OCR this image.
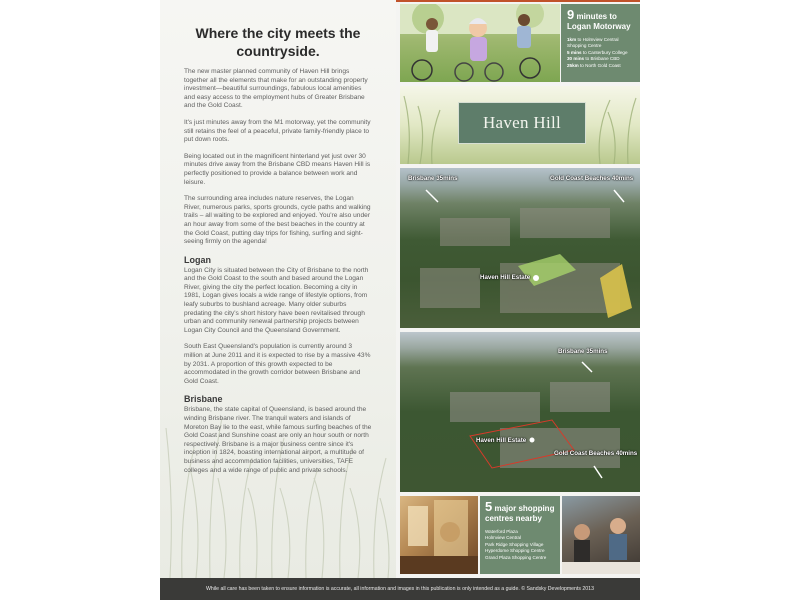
Where the city meets the countryside.

The new master planned community of Haven Hill brings together all the elements that make for an outstanding property investment—beautiful surroundings, fabulous local amenities and easy access to the employment hubs of Greater Brisbane and the Gold Coast.

It's just minutes away from the M1 motorway, yet the community still retains the feel of a peaceful, private family-friendly place to put down roots.

Being located out in the magnificent hinterland yet just over 30 minutes drive away from the Brisbane CBD means Haven Hill is perfectly positioned to provide a balance between work and leisure.

The surrounding area includes nature reserves, the Logan River, numerous parks, sports grounds, cycle paths and walking trails – all waiting to be explored and enjoyed. You're also under an hour away from some of the best beaches in the country at the Gold Coast, putting day trips for fishing, surfing and sight-seeing firmly on the agenda!

Logan

Logan City is situated between the City of Brisbane to the north and the Gold Coast to the south and based around the Logan River, giving the city the perfect location. Becoming a city in 1981, Logan gives locals a wide range of lifestyle options, from leafy suburbs to bushland acreage. Many older suburbs predating the city's short history have been revitalised through urban and community renewal partnership projects between Logan City Council and the Queensland Government.

South East Queensland's population is currently around 3 million at June 2011 and it is expected to rise by a massive 43% by 2031. A proportion of this growth expected to be accommodated in the growth corridor between Brisbane and Gold Coast.

Brisbane

Brisbane, the state capital of Queensland, is based around the winding Brisbane river. The tranquil waters and islands of Moreton Bay lie to the east, while famous surfing beaches of the Gold Coast and Sunshine coast are only an hour south or north respectively. Brisbane is a major business centre since it's inception in 1824, boasting international airport, a multitude of business and accommodation facilities, universities, TAFE colleges and a wide range of public and private schools.

9 minutes to
Logan Motorway
1km to Holmview Central Shopping Centre
5 mins to Canterbury College
30 mins to Brisbane CBD
25km to North Gold Coast
Haven Hill
Brisbane 35mins	Gold Coast Beaches 40mins
Haven Hill Estate
Brisbane 35mins
Haven Hill Estate
Gold Coast Beaches 40mins
5 major shopping
centres nearby
Waterford Plaza
Holmview Central
Park Ridge Shopping Village
Hyperdome Shopping Centre
Grand Plaza Shopping Centre
While all care has been taken to ensure information is accurate, all information and images in this publication is only intended as a guide. © Sandsky Developments 2013
